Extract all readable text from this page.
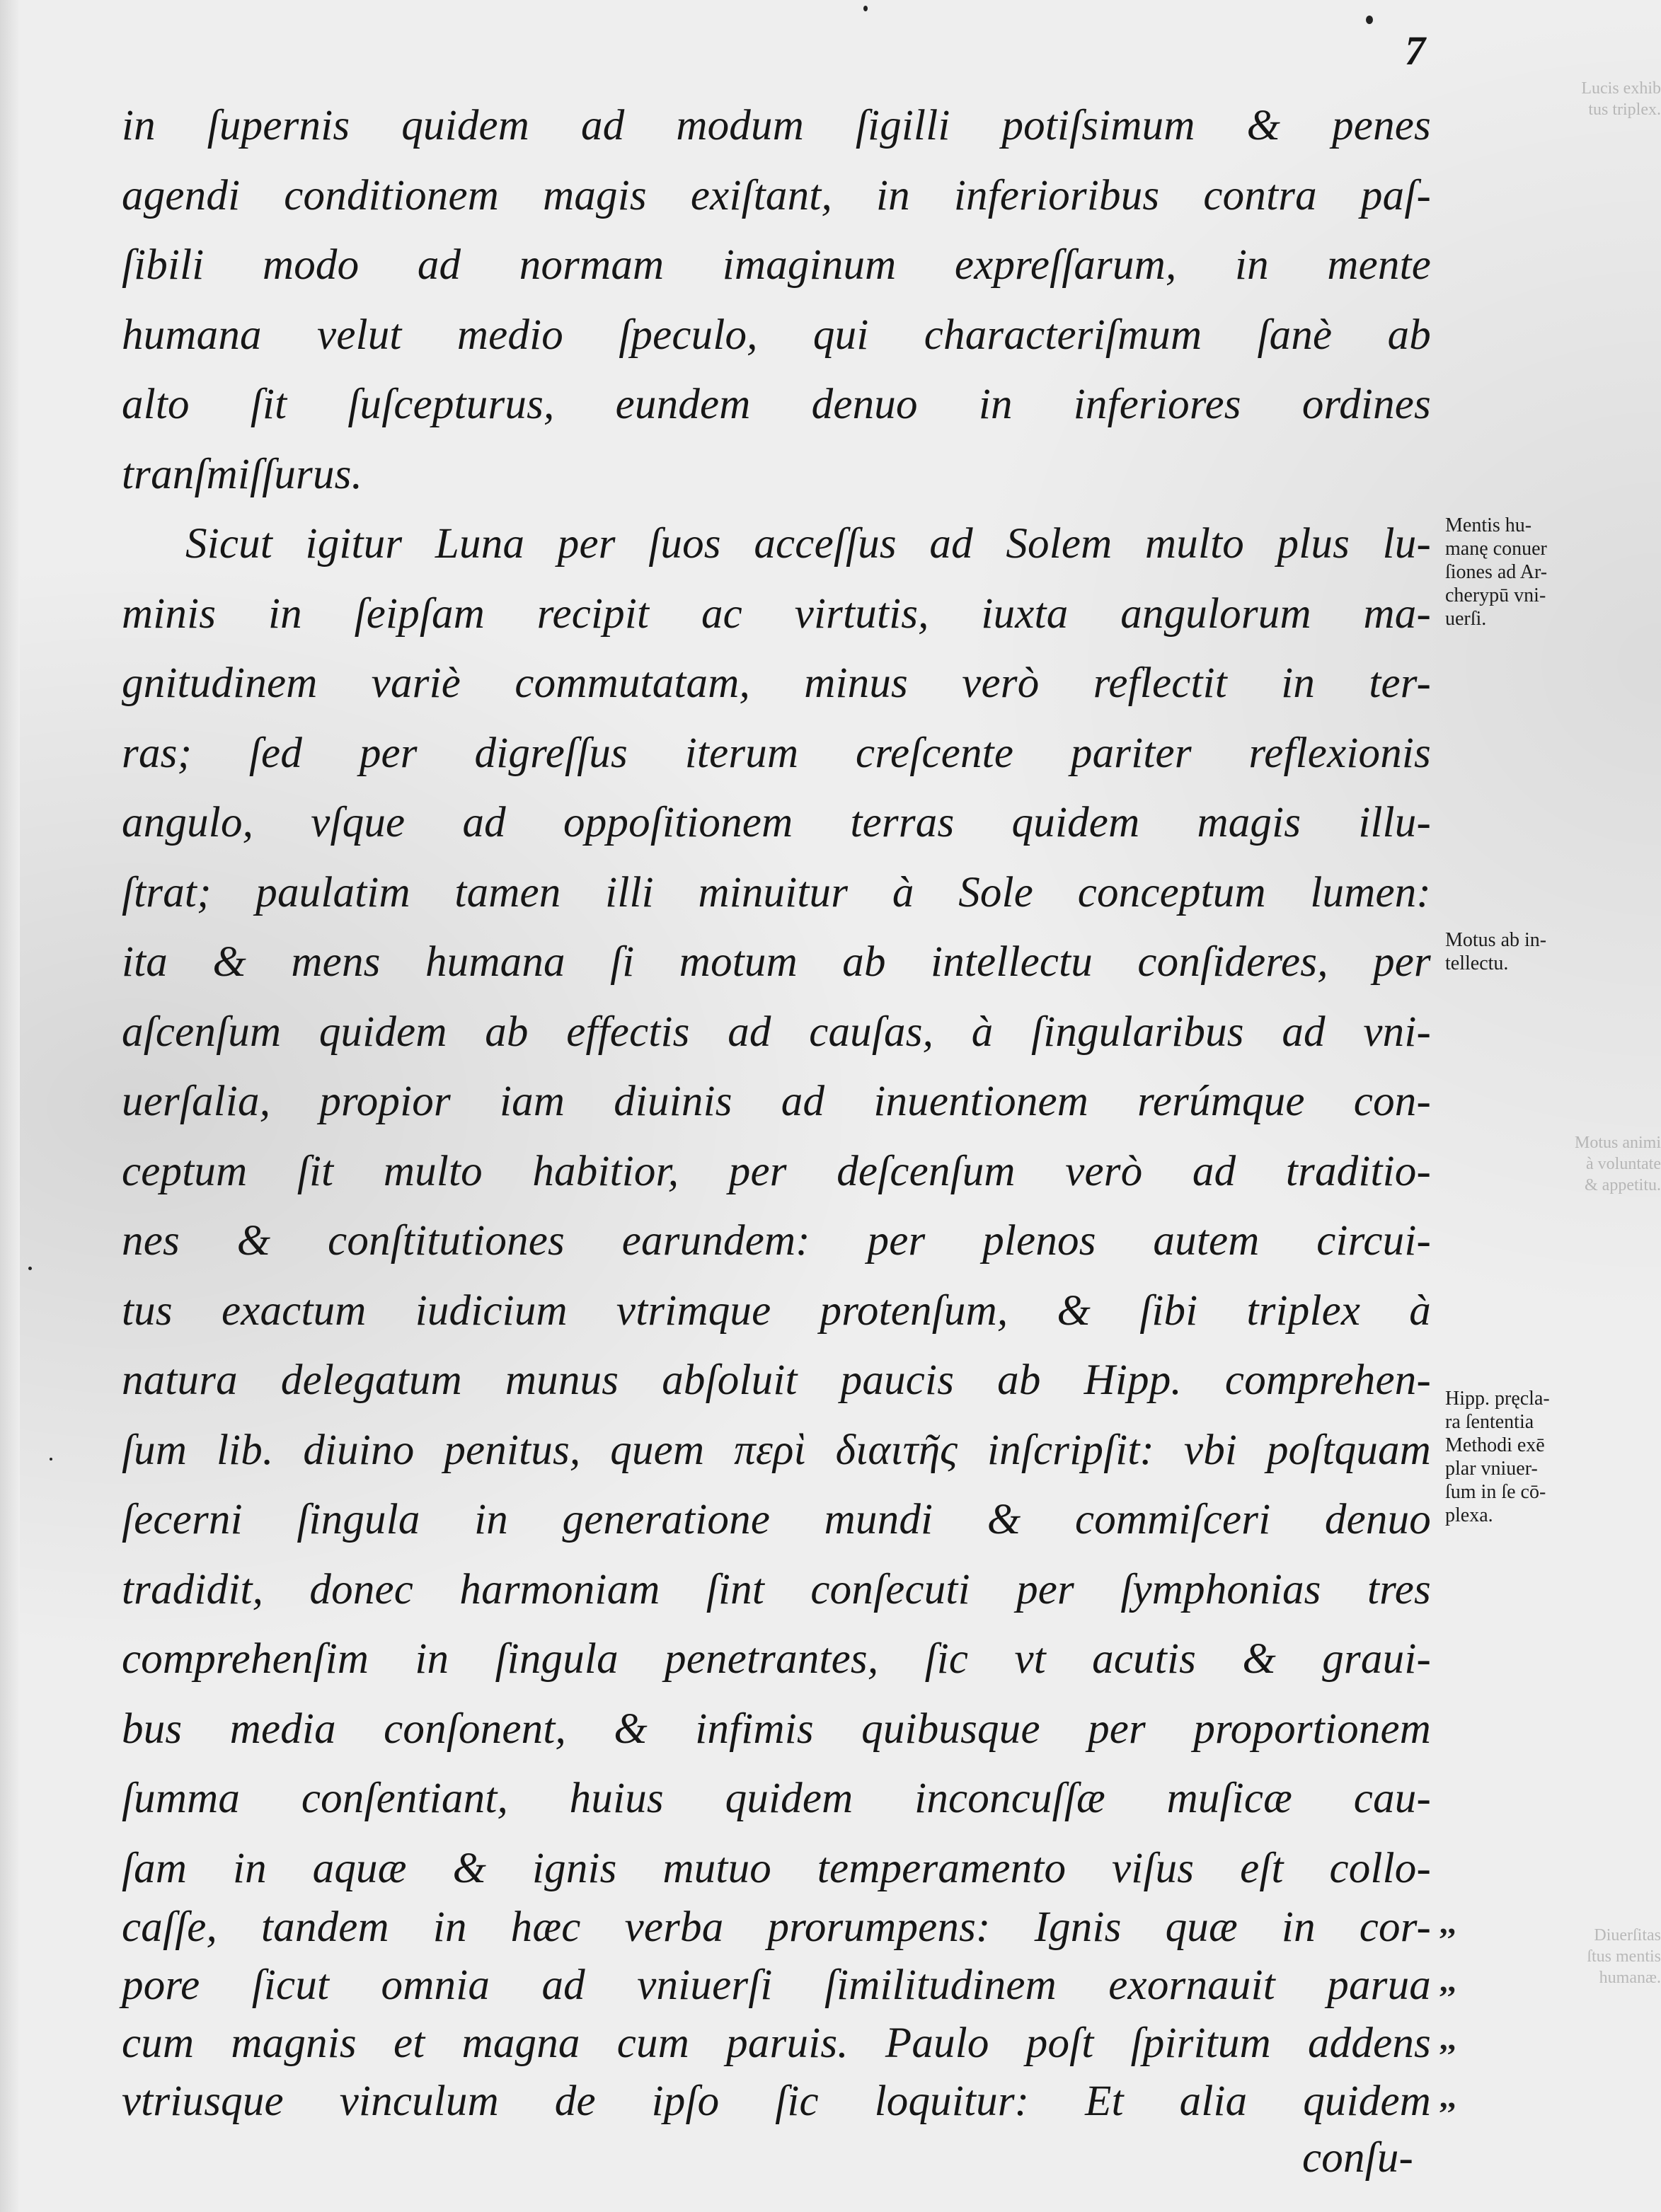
Lucis exhib
tus triplex.
Motus animi
à voluntate
& appetitu.
Diuerſitas
ſtus mentis
humanæ.
7
in ſupernis quidem ad modum ſigilli potiſsimum & penes
agendi conditionem magis exiſtant, in inferioribus contra paſ-
ſibili modo ad normam imaginum expreſſarum, in mente
humana velut medio ſpeculo, qui characteriſmum ſanè ab
alto ſit ſuſcepturus, eundem denuo in inferiores ordines
tranſmiſſurus.
Sicut igitur Luna per ſuos acceſſus ad Solem multo plus lu-
minis in ſeipſam recipit ac virtutis, iuxta angulorum ma-
gnitudinem variè commutatam, minus verò reflectit in ter-
ras; ſed per digreſſus iterum creſcente pariter reflexionis
angulo, vſque ad oppoſitionem terras quidem magis illu-
ſtrat; paulatim tamen illi minuitur à Sole conceptum lumen:
ita & mens humana ſi motum ab intellectu conſideres, per
aſcenſum quidem ab effectis ad cauſas, à ſingularibus ad vni-
uerſalia, propior iam diuinis ad inuentionem rerúmque con-
ceptum ſit multo habitior, per deſcenſum verò ad traditio-
nes & conſtitutiones earundem: per plenos autem circui-
tus exactum iudicium vtrimque protenſum, & ſibi triplex à
natura delegatum munus abſoluit paucis ab Hipp. comprehen-
ſum lib. diuino penitus, quem περὶ διαιτῆς inſcripſit: vbi poſtquam
ſecerni ſingula in generatione mundi & commiſceri denuo
tradidit, donec harmoniam ſint conſecuti per ſymphonias tres
comprehenſim in ſingula penetrantes, ſic vt acutis & graui-
bus media conſonent, & infimis quibusque per proportionem
ſumma conſentiant, huius quidem inconcuſſæ muſicæ cau-
ſam in aquæ & ignis mutuo temperamento viſus eſt collo-
caſſe, tandem in hæc verba prorumpens: Ignis quæ in cor-
pore ſicut omnia ad vniuerſi ſimilitudinem exornauit parua
cum magnis et magna cum paruis. Paulo poſt ſpiritum addens
vtriusque vinculum de ipſo ſic loquitur: Et alia quidem
conſu-
Mentis hu-
manę conuer
ſiones ad Ar-
cherypū vni-
uerſi.
Motus ab in-
tellectu.
Hipp. pręcla-
ra ſententia
Methodi exē
plar vniuer-
ſum in ſe cō-
plexa.
,,
,,
,,
,,
